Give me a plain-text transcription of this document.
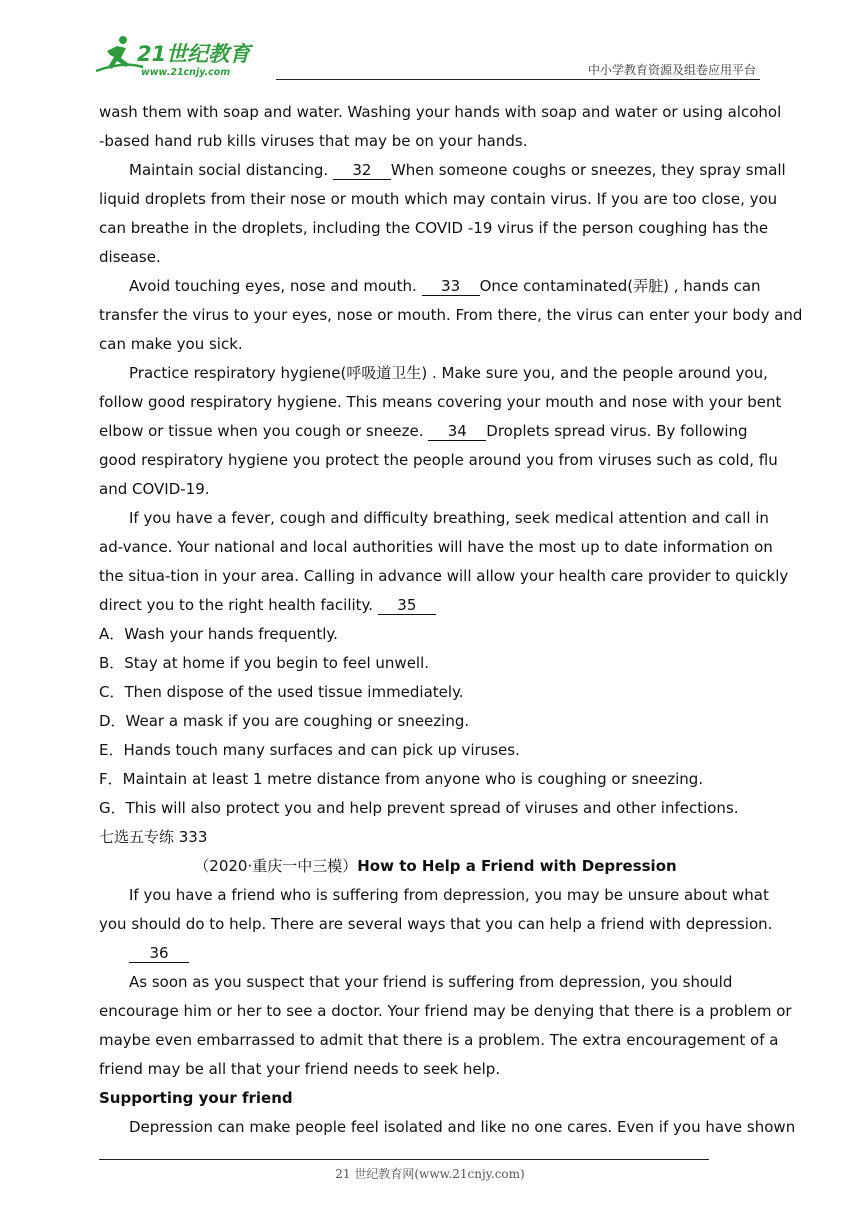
21世纪教育
www.21cnjy.com	中小学教育资源及组卷应用平台

wash them with soap and water. Washing your hands with soap and water or using alcohol

-based hand rub kills viruses that may be on your hands.

Maintain social distancing. 32 When someone coughs or sneezes, they spray small

liquid droplets from their nose or mouth which may contain virus. If you are too close, you

can breathe in the droplets, including the COVID -19 virus if the person coughing has the

disease.

Avoid touching eyes, nose and mouth. 33 Once contaminated(弄脏) , hands can

transfer the virus to your eyes, nose or mouth. From there, the virus can enter your body and

can make you sick.

Practice respiratory hygiene(呼吸道卫生) . Make sure you, and the people around you,

follow good respiratory hygiene. This means covering your mouth and nose with your bent

elbow or tissue when you cough or sneeze. 34 Droplets spread virus. By following

good respiratory hygiene you protect the people around you from viruses such as cold, flu

and COVID-19.

If you have a fever, cough and difficulty breathing, seek medical attention and call in

ad-vance. Your national and local authorities will have the most up to date information on

the situa-tion in your area. Calling in advance will allow your health care provider to quickly

direct you to the right health facility. 35

A．Wash your hands frequently.

B．Stay at home if you begin to feel unwell.

C．Then dispose of the used tissue immediately.

D．Wear a mask if you are coughing or sneezing.

E．Hands touch many surfaces and can pick up viruses.

F．Maintain at least 1 metre distance from anyone who is coughing or sneezing.

G．This will also protect you and help prevent spread of viruses and other infections.

七选五专练 333

（2020·重庆一中三模）How to Help a Friend with Depression

If you have a friend who is suffering from depression, you may be unsure about what

you should do to help. There are several ways that you can help a friend with depression.

36

As soon as you suspect that your friend is suffering from depression, you should

encourage him or her to see a doctor. Your friend may be denying that there is a problem or

maybe even embarrassed to admit that there is a problem. The extra encouragement of a

friend may be all that your friend needs to seek help.

Supporting your friend

Depression can make people feel isolated and like no one cares. Even if you have shown

21 世纪教育网(www.21cnjy.com)
